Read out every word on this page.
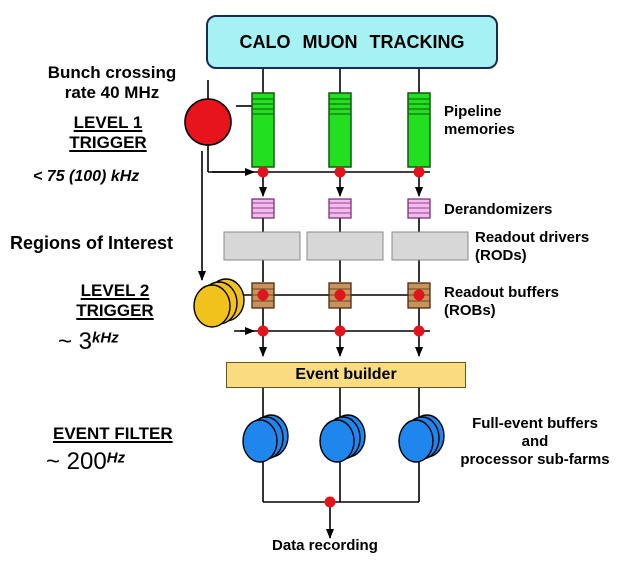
CALO MUON TRACKING
Bunch crossing
rate 40 MHz
LEVEL 1
TRIGGER
< 75 (100) kHz
Regions of Interest
LEVEL 2
TRIGGER
~ $3^{kHz}$
EVENT FILTER
~ $200^{Hz}$
Pipeline
memories
Derandomizers
Readout drivers
(RODs)
Readout buffers
(ROBs)
Full-event buffers
and
processor sub-farms
Event builder
Data recording
